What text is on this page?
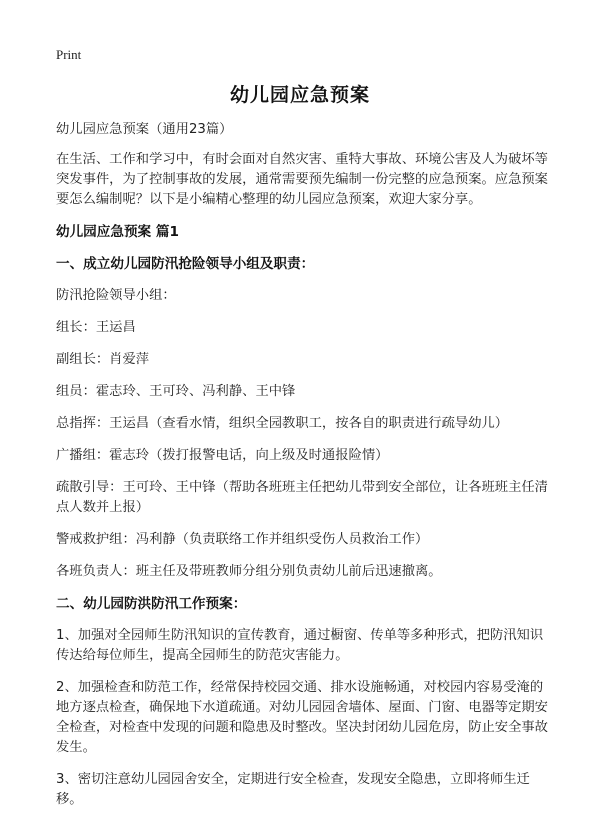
Print
幼儿园应急预案
幼儿园应急预案（通用23篇）
在生活、工作和学习中，有时会面对自然灾害、重特大事故、环境公害及人为破坏等突发事件，为了控制事故的发展，通常需要预先编制一份完整的应急预案。应急预案要怎么编制呢？以下是小编精心整理的幼儿园应急预案，欢迎大家分享。
幼儿园应急预案 篇1
一、成立幼儿园防汛抢险领导小组及职责：
防汛抢险领导小组：
组长：王运昌
副组长：肖爱萍
组员：霍志玲、王可玲、冯利静、王中锋
总指挥：王运昌（查看水情，组织全园教职工，按各自的职责进行疏导幼儿）
广播组：霍志玲（拨打报警电话，向上级及时通报险情）
疏散引导：王可玲、王中锋（帮助各班班主任把幼儿带到安全部位，让各班班主任清点人数并上报）
警戒救护组：冯利静（负责联络工作并组织受伤人员救治工作）
各班负责人：班主任及带班教师分组分别负责幼儿前后迅速撤离。
二、幼儿园防洪防汛工作预案：
1、加强对全园师生防汛知识的宣传教育，通过橱窗、传单等多种形式，把防汛知识传达给每位师生，提高全园师生的防范灾害能力。
2、加强检查和防范工作，经常保持校园交通、排水设施畅通，对校园内容易受淹的地方逐点检查，确保地下水道疏通。对幼儿园园舍墙体、屋面、门窗、电器等定期安全检查，对检查中发现的问题和隐患及时整改。坚决封闭幼儿园危房，防止安全事故发生。
3、密切注意幼儿园园舍安全，定期进行安全检查，发现安全隐患，立即将师生迁移。
